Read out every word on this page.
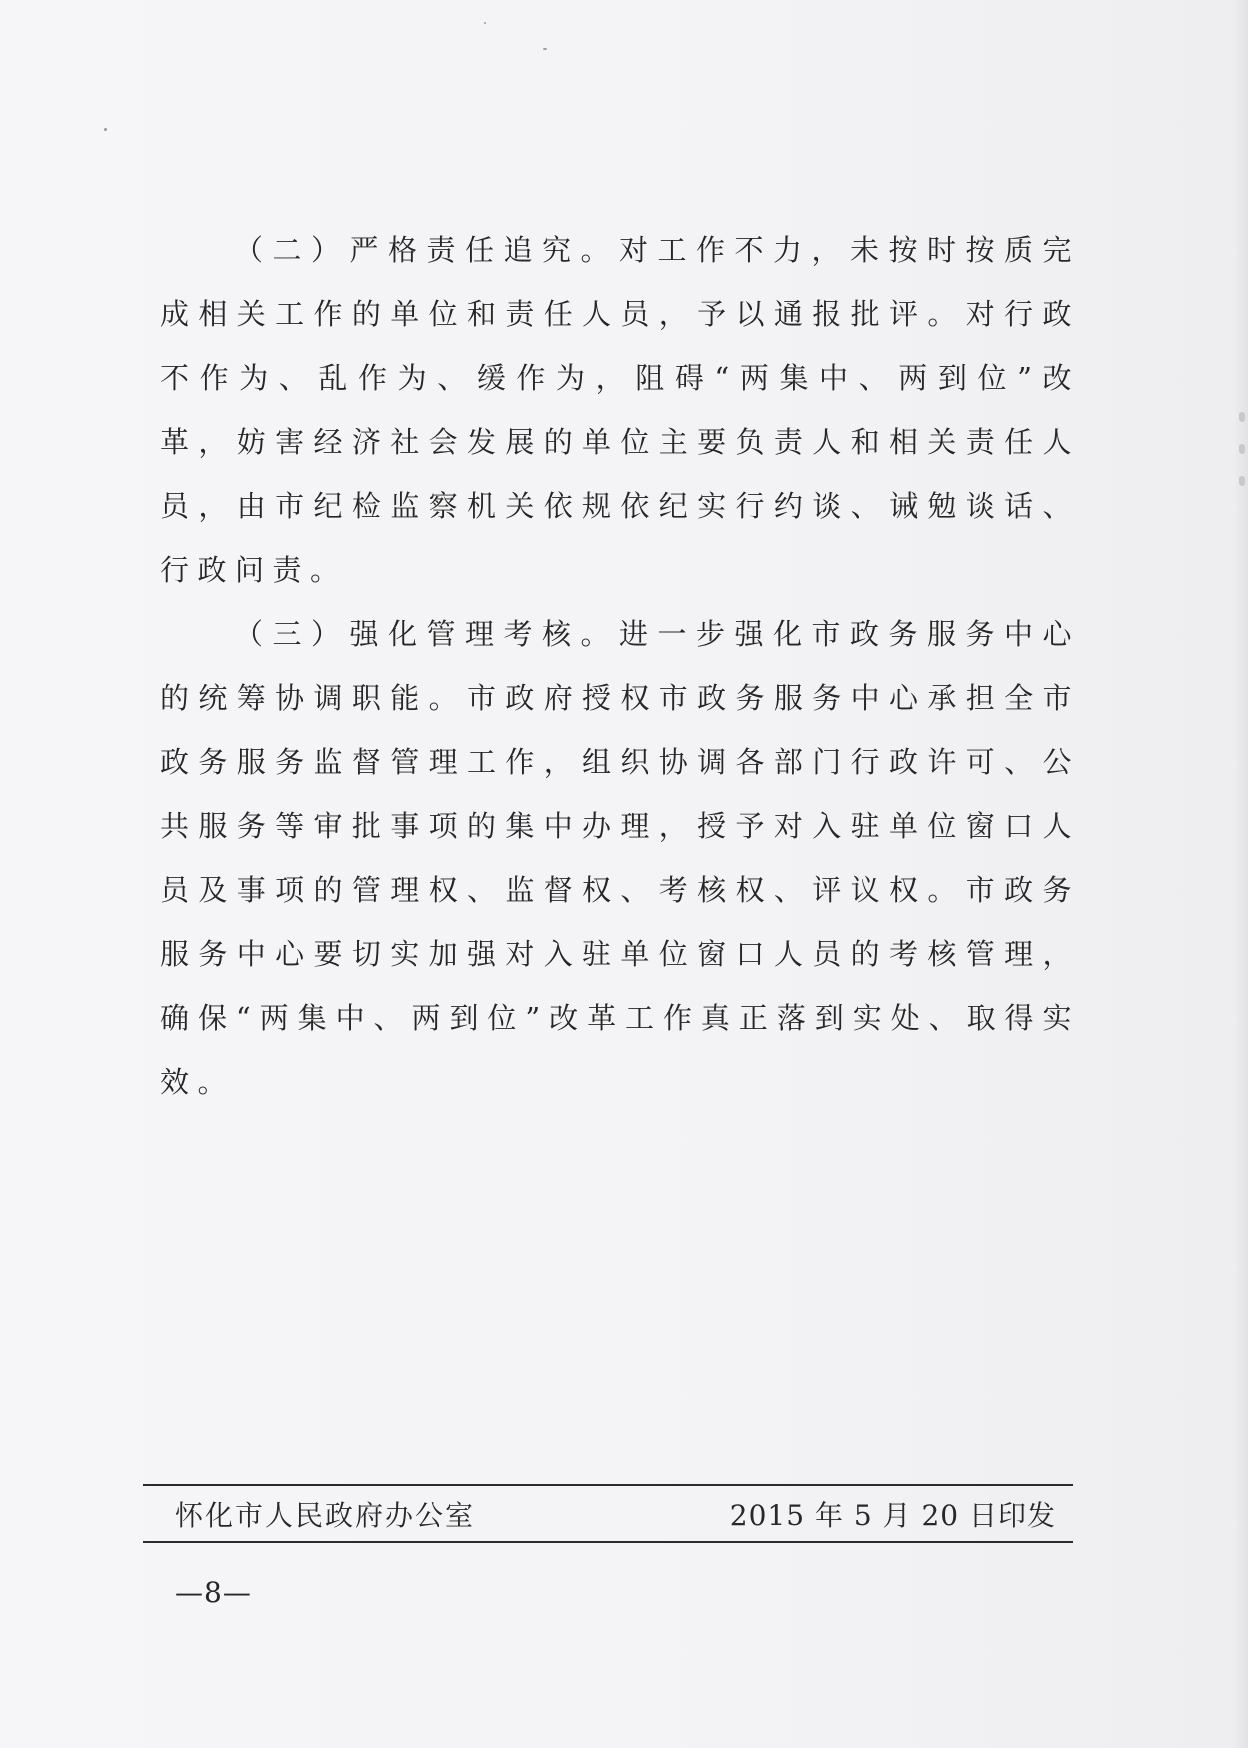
（二）严格责任追究。对工作不力，未按时按质完成相关工作的单位和责任人员，予以通报批评。对行政不作为、乱作为、缓作为，阻碍“两集中、两到位”改革，妨害经济社会发展的单位主要负责人和相关责任人员，由市纪检监察机关依规依纪实行约谈、诫勉谈话、行政问责。

（三）强化管理考核。进一步强化市政务服务中心的统筹协调职能。市政府授权市政务服务中心承担全市政务服务监督管理工作，组织协调各部门行政许可、公共服务等审批事项的集中办理，授予对入驻单位窗口人员及事项的管理权、监督权、考核权、评议权。市政务服务中心要切实加强对入驻单位窗口人员的考核管理，确保“两集中、两到位”改革工作真正落到实处、取得实效。

怀化市人民政府办公室	2015 年 5 月 20 日印发
—8—
